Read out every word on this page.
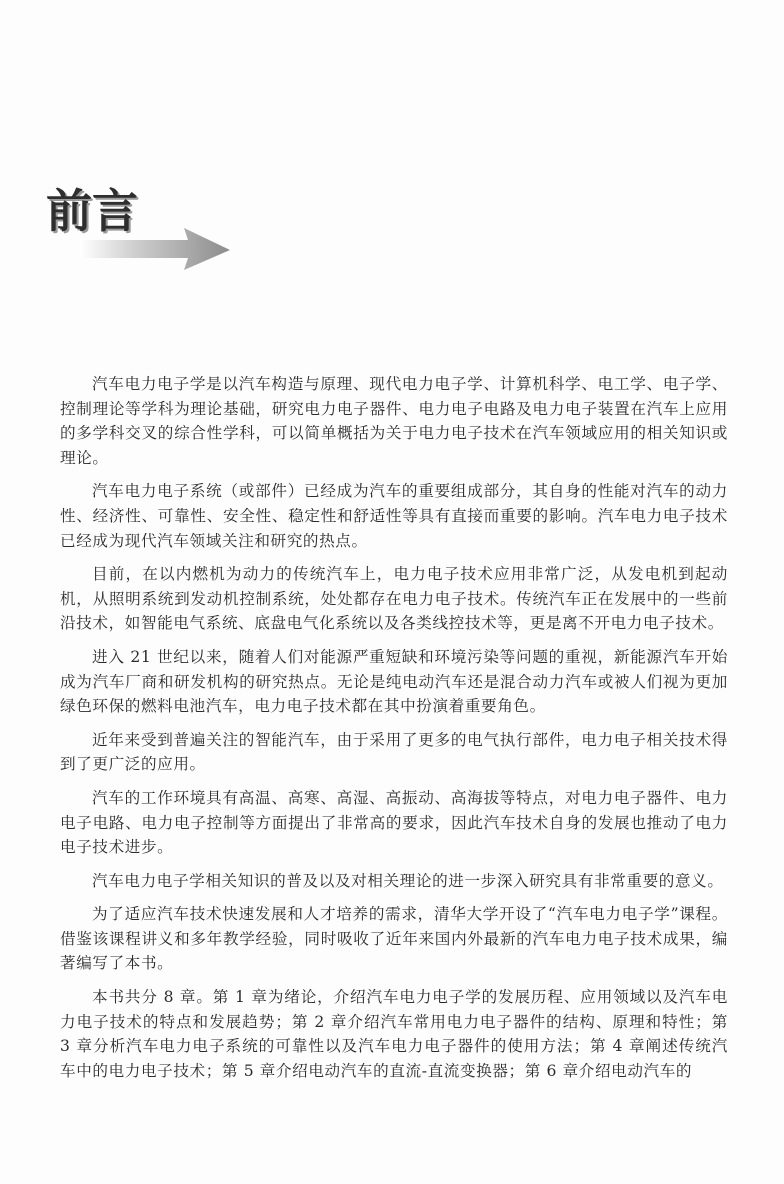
前言

汽车电力电子学是以汽车构造与原理、现代电力电子学、计算机科学、电工学、电子学、控制理论等学科为理论基础，研究电力电子器件、电力电子电路及电力电子装置在汽车上应用的多学科交叉的综合性学科，可以简单概括为关于电力电子技术在汽车领域应用的相关知识或理论。

汽车电力电子系统（或部件）已经成为汽车的重要组成部分，其自身的性能对汽车的动力性、经济性、可靠性、安全性、稳定性和舒适性等具有直接而重要的影响。汽车电力电子技术已经成为现代汽车领域关注和研究的热点。

目前，在以内燃机为动力的传统汽车上，电力电子技术应用非常广泛，从发电机到起动机，从照明系统到发动机控制系统，处处都存在电力电子技术。传统汽车正在发展中的一些前沿技术，如智能电气系统、底盘电气化系统以及各类线控技术等，更是离不开电力电子技术。

进入 21 世纪以来，随着人们对能源严重短缺和环境污染等问题的重视，新能源汽车开始成为汽车厂商和研发机构的研究热点。无论是纯电动汽车还是混合动力汽车或被人们视为更加绿色环保的燃料电池汽车，电力电子技术都在其中扮演着重要角色。

近年来受到普遍关注的智能汽车，由于采用了更多的电气执行部件，电力电子相关技术得到了更广泛的应用。

汽车的工作环境具有高温、高寒、高湿、高振动、高海拔等特点，对电力电子器件、电力电子电路、电力电子控制等方面提出了非常高的要求，因此汽车技术自身的发展也推动了电力电子技术进步。

汽车电力电子学相关知识的普及以及对相关理论的进一步深入研究具有非常重要的意义。

为了适应汽车技术快速发展和人才培养的需求，清华大学开设了“汽车电力电子学”课程。借鉴该课程讲义和多年教学经验，同时吸收了近年来国内外最新的汽车电力电子技术成果，编著编写了本书。

本书共分 8 章。第 1 章为绪论，介绍汽车电力电子学的发展历程、应用领域以及汽车电力电子技术的特点和发展趋势；第 2 章介绍汽车常用电力电子器件的结构、原理和特性；第 3 章分析汽车电力电子系统的可靠性以及汽车电力电子器件的使用方法；第 4 章阐述传统汽车中的电力电子技术；第 5 章介绍电动汽车的直流-直流变换器；第 6 章介绍电动汽车的
